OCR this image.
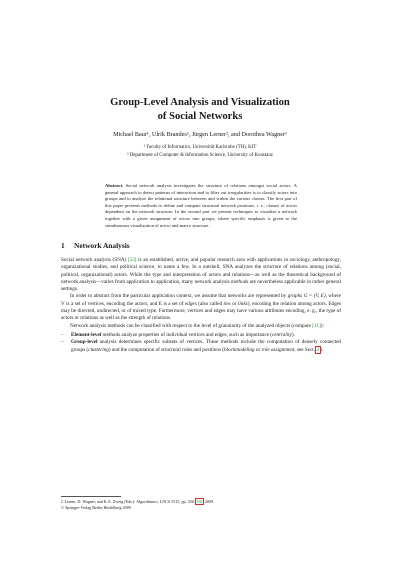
Group-Level Analysis and Visualization
of Social Networks
Michael Baur¹, Ulrik Brandes², Jürgen Lerner², and Dorothea Wagner¹
¹ Faculty of Informatics, Universität Karlsruhe (TH), KIT
² Department of Computer & Information Science, University of Konstanz
Abstract. Social network analysis investigates the structure of relations amongst social actors. A general approach to detect patterns of interaction and to filter out irregularities is to classify actors into groups and to analyze the relational structure between and within the various classes. The first part of this paper presents methods to define and compute structural network positions, i. e., classes of actors dependent on the network structure. In the second part we present techniques to visualize a network together with a given assignment of actors into groups, where specific emphasis is given to the simultaneous visualization of micro and macro structure.
1 Network Analysis

Social network analysis (SNA) [53] is an established, active, and popular research area with applications in sociology, anthropology, organizational studies, and political science, to name a few. In a nutshell, SNA analyzes the structure of relations among (social, political, organizational) actors. While the type and interpretation of actors and relations—as well as the theoretical background of network analysis—varies from application to application, many network analysis methods are nevertheless applicable in rather general settings.

In order to abstract from the particular application context, we assume that networks are represented by graphs G = (V, E), where V is a set of vertices, encoding the actors, and E is a set of edges (also called ties or links), encoding the relation among actors. Edges may be directed, undirected, or of mixed type. Furthermore, vertices and edges may have various attributes encoding, e. g., the type of actors or relations as well as the strength of relations.

Network analysis methods can be classified with respect to the level of granularity of the analyzed objects (compare [11]):

– Element-level methods analyze properties of individual vertices and edges, such as importance (centrality).
– Group-level analysis determines specific subsets of vertices. These methods include the computation of densely connected groups (clustering) and the computation of structural roles and positions (blockmodeling or role assignment, see Sect. 2).
J. Lerner, D. Wagner, and K.A. Zweig (Eds.): Algorithmics, LNCS 5515, pp. 330–358, 2009.
© Springer-Verlag Berlin Heidelberg 2009
